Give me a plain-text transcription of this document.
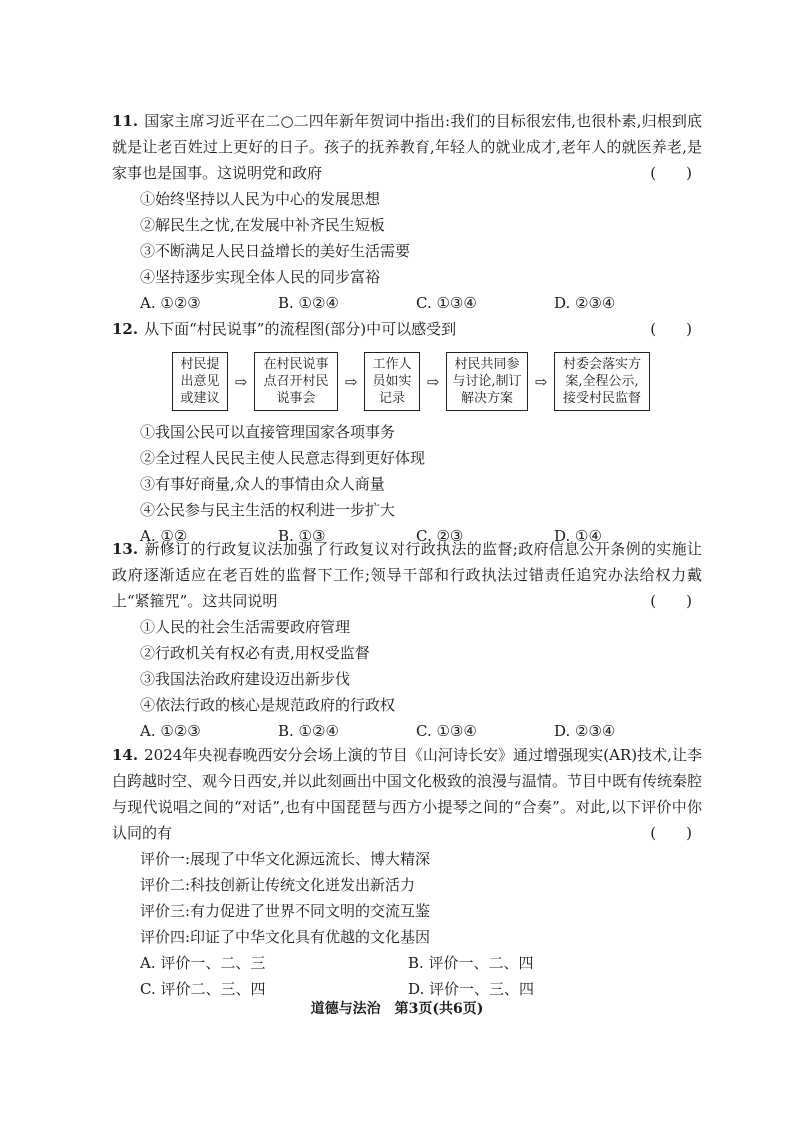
11. 国家主席习近平在二○二四年新年贺词中指出:我们的目标很宏伟,也很朴素,归根到底就是让老百姓过上更好的日子。孩子的抚养教育,年轻人的就业成才,老年人的就医养老,是家事也是国事。这说明党和政府	(　　)
①始终坚持以人民为中心的发展思想
②解民生之忧,在发展中补齐民生短板
③不断满足人民日益增长的美好生活需要
④坚持逐步实现全体人民的同步富裕
A. ①②③	B. ①②④	C. ①③④	D. ②③④
12. 从下面“村民说事”的流程图(部分)中可以感受到	(　　)
村民提出意见或建议
⇨
在村民说事点召开村民说事会
⇨
工作人员如实记录
⇨
村民共同参与讨论,制订解决方案
⇨
村委会落实方案,全程公示,接受村民监督
①我国公民可以直接管理国家各项事务
②全过程人民民主使人民意志得到更好体现
③有事好商量,众人的事情由众人商量
④公民参与民主生活的权利进一步扩大
A. ①②	B. ①③	C. ②③	D. ①④
13. 新修订的行政复议法加强了行政复议对行政执法的监督;政府信息公开条例的实施让政府逐渐适应在老百姓的监督下工作;领导干部和行政执法过错责任追究办法给权力戴上“紧箍咒”。这共同说明	(　　)
①人民的社会生活需要政府管理
②行政机关有权必有责,用权受监督
③我国法治政府建设迈出新步伐
④依法行政的核心是规范政府的行政权
A. ①②③	B. ①②④	C. ①③④	D. ②③④
14. 2024年央视春晚西安分会场上演的节目《山河诗长安》通过增强现实(AR)技术,让李白跨越时空、观今日西安,并以此刻画出中国文化极致的浪漫与温情。节目中既有传统秦腔与现代说唱之间的“对话”,也有中国琵琶与西方小提琴之间的“合奏”。对此,以下评价中你认同的有	(　　)
评价一:展现了中华文化源远流长、博大精深
评价二:科技创新让传统文化迸发出新活力
评价三:有力促进了世界不同文明的交流互鉴
评价四:印证了中华文化具有优越的文化基因
A. 评价一、二、三	B. 评价一、二、四
C. 评价二、三、四	D. 评价一、三、四
道德与法治　第3页(共6页)
